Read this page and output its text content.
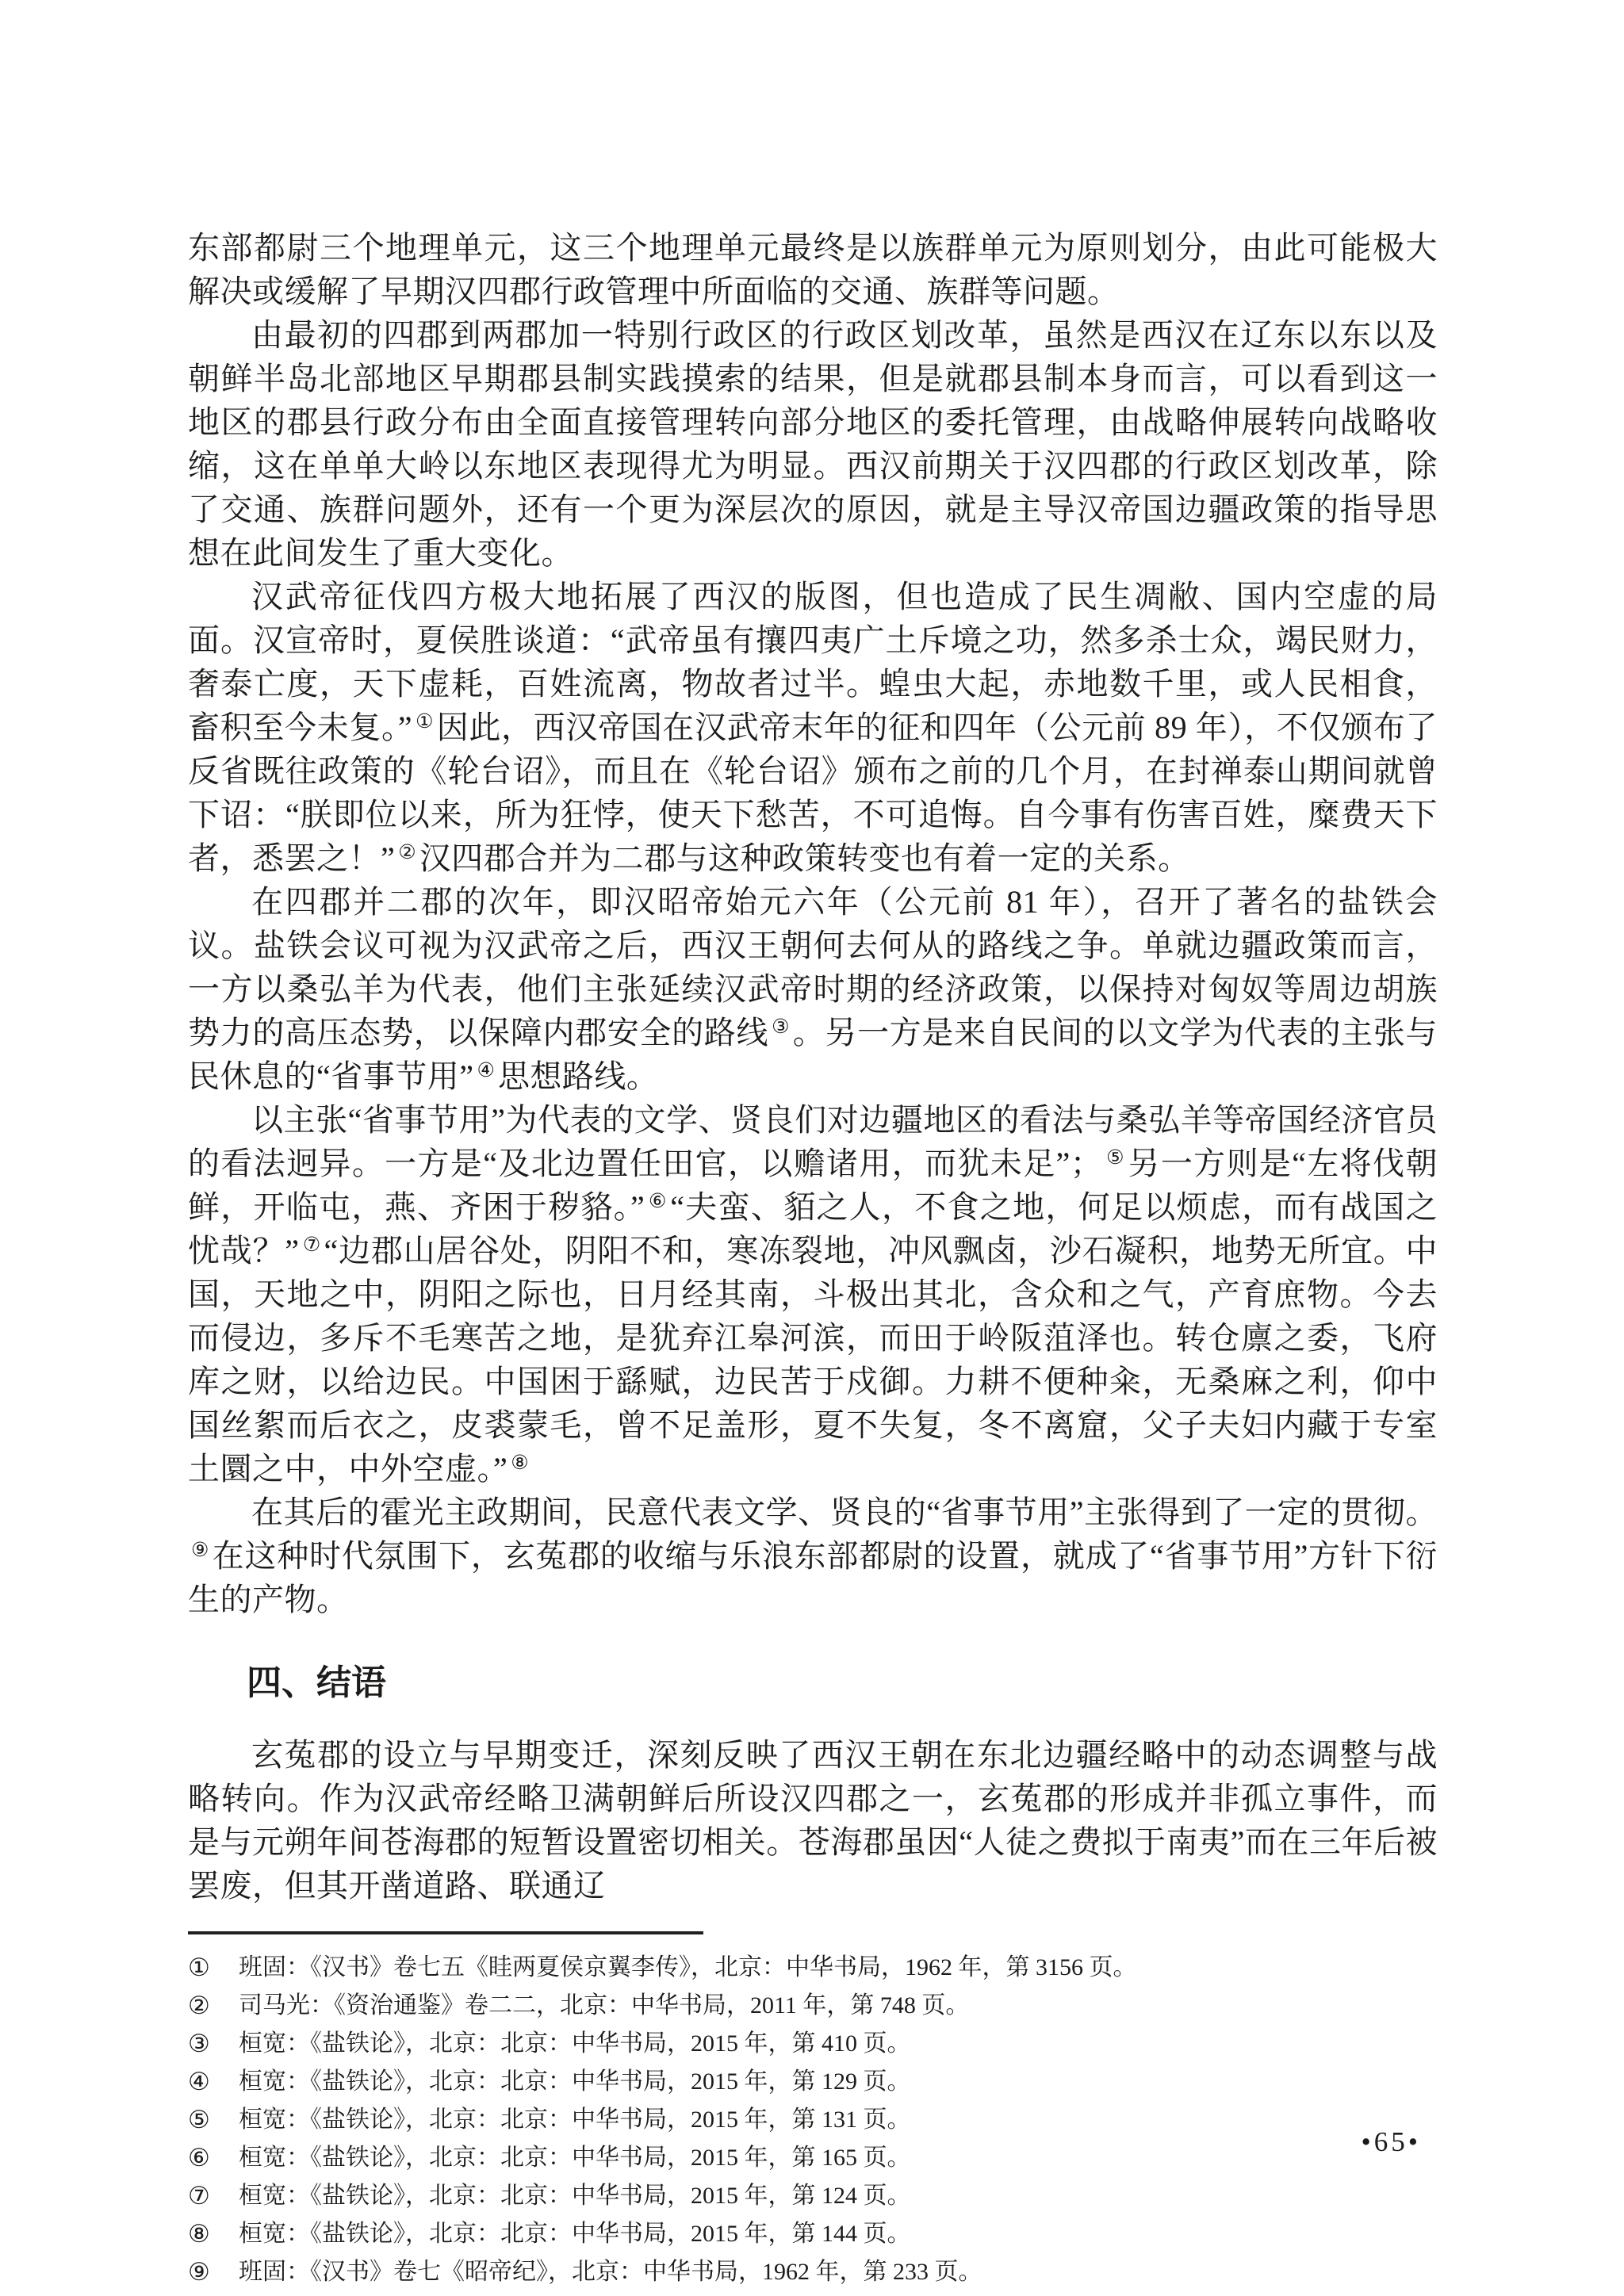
东部都尉三个地理单元，这三个地理单元最终是以族群单元为原则划分，由此可能极大解决或缓解了早期汉四郡行政管理中所面临的交通、族群等问题。

由最初的四郡到两郡加一特别行政区的行政区划改革，虽然是西汉在辽东以东以及朝鲜半岛北部地区早期郡县制实践摸索的结果，但是就郡县制本身而言，可以看到这一地区的郡县行政分布由全面直接管理转向部分地区的委托管理，由战略伸展转向战略收缩，这在单单大岭以东地区表现得尤为明显。西汉前期关于汉四郡的行政区划改革，除了交通、族群问题外，还有一个更为深层次的原因，就是主导汉帝国边疆政策的指导思想在此间发生了重大变化。

汉武帝征伐四方极大地拓展了西汉的版图，但也造成了民生凋敝、国内空虚的局面。汉宣帝时，夏侯胜谈道：“武帝虽有攘四夷广土斥境之功，然多杀士众，竭民财力，奢泰亡度，天下虚耗，百姓流离，物故者过半。蝗虫大起，赤地数千里，或人民相食，畜积至今未复。” ① 因此，西汉帝国在汉武帝末年的征和四年（公元前 89 年），不仅颁布了反省既往政策的《轮台诏》，而且在《轮台诏》颁布之前的几个月，在封禅泰山期间就曾下诏：“朕即位以来，所为狂悖，使天下愁苦，不可追悔。自今事有伤害百姓，糜费天下者，悉罢之！” ② 汉四郡合并为二郡与这种政策转变也有着一定的关系。

在四郡并二郡的次年，即汉昭帝始元六年（公元前 81 年），召开了著名的盐铁会议。盐铁会议可视为汉武帝之后，西汉王朝何去何从的路线之争。单就边疆政策而言，一方以桑弘羊为代表，他们主张延续汉武帝时期的经济政策，以保持对匈奴等周边胡族势力的高压态势，以保障内郡安全的路线 ③ 。另一方是来自民间的以文学为代表的主张与民休息的“省事节用” ④ 思想路线。

以主张“省事节用”为代表的文学、贤良们对边疆地区的看法与桑弘羊等帝国经济官员的看法迥异。一方是“及北边置任田官，以赡诸用，而犹未足”； ⑤ 另一方则是“左将伐朝鲜，开临屯，燕、齐困于秽貉。” ⑥ “夫蛮、貊之人，不食之地，何足以烦虑，而有战国之忧哉？” ⑦ “边郡山居谷处，阴阳不和，寒冻裂地，冲风飘卤，沙石凝积，地势无所宜。中国，天地之中，阴阳之际也，日月经其南，斗极出其北，含众和之气，产育庶物。今去而侵边，多斥不毛寒苦之地，是犹弃江皋河滨，而田于岭阪菹泽也。转仓廪之委，飞府库之财，以给边民。中国困于繇赋，边民苦于戍御。力耕不便种籴，无桑麻之利，仰中国丝絮而后衣之，皮裘蒙毛，曾不足盖形，夏不失复，冬不离窟，父子夫妇内藏于专室土圜之中，中外空虚。” ⑧

在其后的霍光主政期间，民意代表文学、贤良的“省事节用”主张得到了一定的贯彻。⑨ 在这种时代氛围下，玄菟郡的收缩与乐浪东部都尉的设置，就成了“省事节用”方针下衍生的产物。

四、结语

玄菟郡的设立与早期变迁，深刻反映了西汉王朝在东北边疆经略中的动态调整与战略转向。作为汉武帝经略卫满朝鲜后所设汉四郡之一，玄菟郡的形成并非孤立事件，而是与元朔年间苍海郡的短暂设置密切相关。苍海郡虽因“人徒之费拟于南夷”而在三年后被罢废，但其开凿道路、联通辽

①	班固：《汉书》卷七五《眭两夏侯京翼李传》，北京：中华书局，1962 年，第 3156 页。
②	司马光：《资治通鉴》卷二二，北京：中华书局，2011 年，第 748 页。
③	桓宽：《盐铁论》，北京：北京：中华书局，2015 年，第 410 页。
④	桓宽：《盐铁论》，北京：北京：中华书局，2015 年，第 129 页。
⑤	桓宽：《盐铁论》，北京：北京：中华书局，2015 年，第 131 页。
⑥	桓宽：《盐铁论》，北京：北京：中华书局，2015 年，第 165 页。
⑦	桓宽：《盐铁论》，北京：北京：中华书局，2015 年，第 124 页。
⑧	桓宽：《盐铁论》，北京：北京：中华书局，2015 年，第 144 页。
⑨	班固：《汉书》卷七《昭帝纪》，北京：中华书局，1962 年，第 233 页。
•65•
